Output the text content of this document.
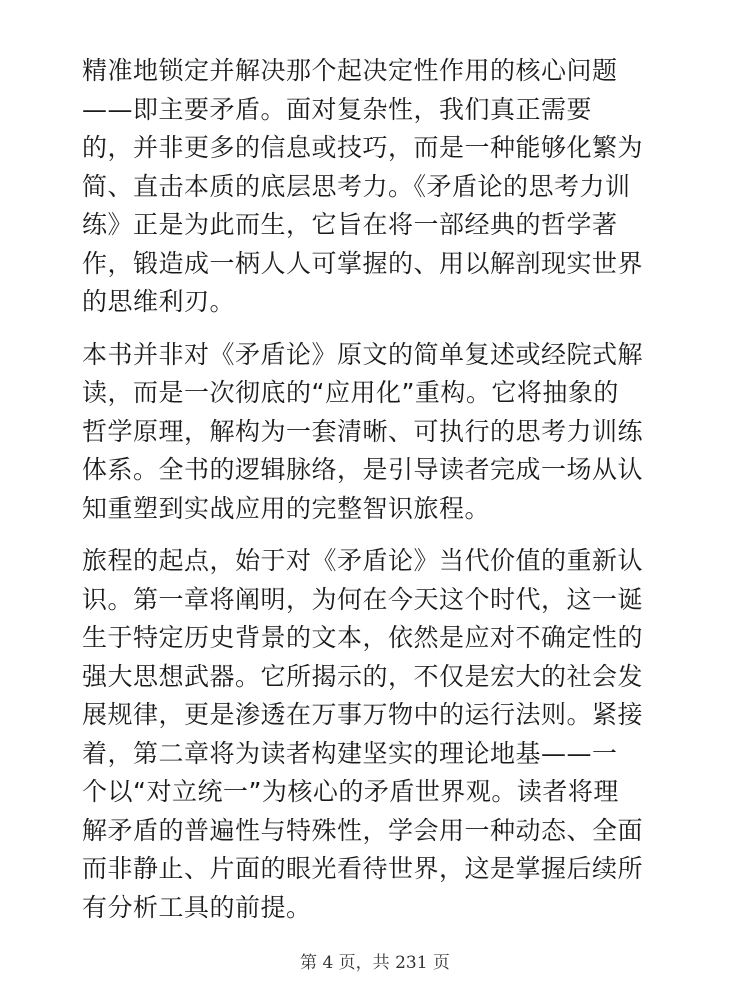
精准地锁定并解决那个起决定性作用的核心问题
——即主要矛盾。面对复杂性，我们真正需要
的，并非更多的信息或技巧，而是一种能够化繁为
简、直击本质的底层思考力。《矛盾论的思考力训
练》正是为此而生，它旨在将一部经典的哲学著
作，锻造成一柄人人可掌握的、用以解剖现实世界
的思维利刃。

本书并非对《矛盾论》原文的简单复述或经院式解
读，而是一次彻底的“应用化”重构。它将抽象的
哲学原理，解构为一套清晰、可执行的思考力训练
体系。全书的逻辑脉络，是引导读者完成一场从认
知重塑到实战应用的完整智识旅程。

旅程的起点，始于对《矛盾论》当代价值的重新认
识。第一章将阐明，为何在今天这个时代，这一诞
生于特定历史背景的文本，依然是应对不确定性的
强大思想武器。它所揭示的，不仅是宏大的社会发
展规律，更是渗透在万事万物中的运行法则。紧接
着，第二章将为读者构建坚实的理论地基——一
个以“对立统一”为核心的矛盾世界观。读者将理
解矛盾的普遍性与特殊性，学会用一种动态、全面
而非静止、片面的眼光看待世界，这是掌握后续所
有分析工具的前提。

第 4 页，共 231 页
